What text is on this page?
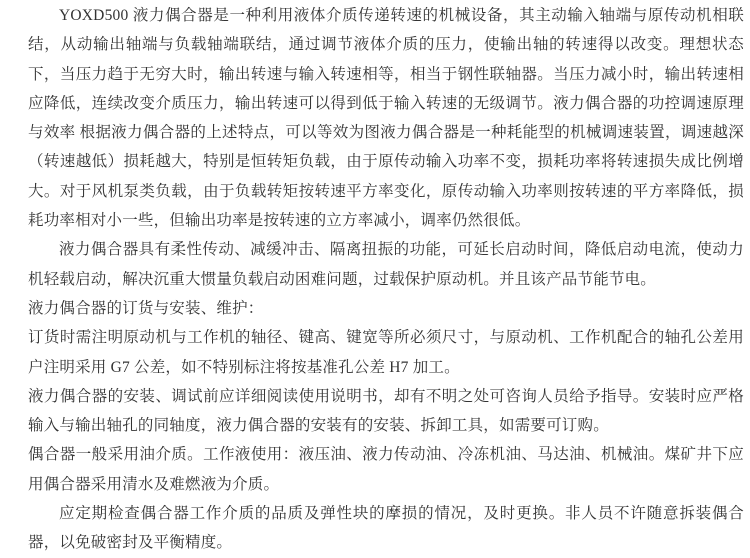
YOXD500 液力偶合器是一种利用液体介质传递转速的机械设备，其主动输入轴端与原传动机相联结，从动输出轴端与负载轴端联结，通过调节液体介质的压力，使输出轴的转速得以改变。理想状态下，当压力趋于无穷大时，输出转速与输入转速相等，相当于钢性联轴器。当压力减小时，输出转速相应降低，连续改变介质压力，输出转速可以得到低于输入转速的无级调节。液力偶合器的功控调速原理与效率 根据液力偶合器的上述特点，可以等效为图液力偶合器是一种耗能型的机械调速装置，调速越深（转速越低）损耗越大，特别是恒转矩负载，由于原传动输入功率不变，损耗功率将转速损失成比例增大。对于风机泵类负载，由于负载转矩按转速平方率变化，原传动输入功率则按转速的平方率降低，损耗功率相对小一些，但输出功率是按转速的立方率减小，调率仍然很低。

液力偶合器具有柔性传动、减缓冲击、隔离扭振的功能，可延长启动时间，降低启动电流，使动力机轻载启动，解决沉重大惯量负载启动困难问题，过载保护原动机。并且该产品节能节电。

液力偶合器的订货与安装、维护：

订货时需注明原动机与工作机的轴径、键高、键宽等所必须尺寸，与原动机、工作机配合的轴孔公差用户注明采用 G7 公差，如不特别标注将按基准孔公差 H7 加工。

液力偶合器的安装、调试前应详细阅读使用说明书，却有不明之处可咨询人员给予指导。安装时应严格输入与输出轴孔的同轴度，液力偶合器的安装有的安装、拆卸工具，如需要可订购。

偶合器一般采用油介质。工作液使用：液压油、液力传动油、冷冻机油、马达油、机械油。煤矿井下应用偶合器采用清水及难燃液为介质。

应定期检查偶合器工作介质的品质及弹性块的摩损的情况，及时更换。非人员不许随意拆装偶合器，以免破密封及平衡精度。
